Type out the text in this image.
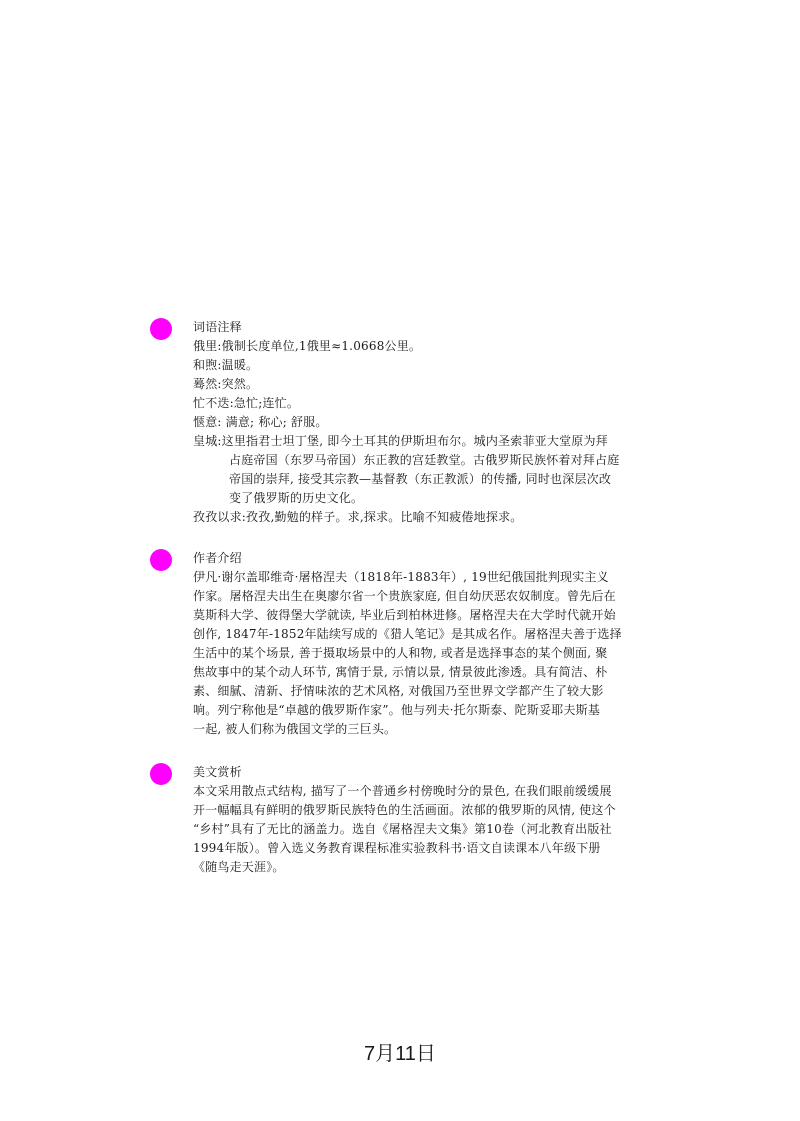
词语注释
俄里:俄制长度单位,1俄里≈1.0668公里。
和煦:温暖。
蓦然:突然。
忙不迭:急忙;连忙。
惬意: 满意; 称心; 舒服。
皇城:这里指君士坦丁堡, 即今土耳其的伊斯坦布尔。城内圣索菲亚大堂原为拜
占庭帝国（东罗马帝国）东正教的宫廷教堂。古俄罗斯民族怀着对拜占庭
帝国的崇拜, 接受其宗教—基督教（东正教派）的传播, 同时也深层次改
变了俄罗斯的历史文化。
孜孜以求:孜孜,勤勉的样子。求,探求。比喻不知疲倦地探求。
作者介绍
伊凡·谢尔盖耶维奇·屠格涅夫（1818年-1883年）, 19世纪俄国批判现实主义
作家。屠格涅夫出生在奥廖尔省一个贵族家庭, 但自幼厌恶农奴制度。曾先后在
莫斯科大学、彼得堡大学就读, 毕业后到柏林进修。屠格涅夫在大学时代就开始
创作, 1847年-1852年陆续写成的《猎人笔记》是其成名作。屠格涅夫善于选择
生活中的某个场景, 善于摄取场景中的人和物, 或者是选择事态的某个侧面, 聚
焦故事中的某个动人环节, 寓情于景, 示情以景, 情景彼此渗透。具有简洁、朴
素、细腻、清新、抒情味浓的艺术风格, 对俄国乃至世界文学都产生了较大影
响。列宁称他是“卓越的俄罗斯作家”。他与列夫·托尔斯泰、陀斯妥耶夫斯基
一起, 被人们称为俄国文学的三巨头。
美文赏析
本文采用散点式结构, 描写了一个普通乡村傍晚时分的景色, 在我们眼前缓缓展
开一幅幅具有鲜明的俄罗斯民族特色的生活画面。浓郁的俄罗斯的风情, 使这个
“乡村”具有了无比的涵盖力。选自《屠格涅夫文集》第10卷（河北教育出版社
1994年版）。曾入选义务教育课程标准实验教科书·语文自读课本八年级下册
《随鸟走天涯》。
7月11日
